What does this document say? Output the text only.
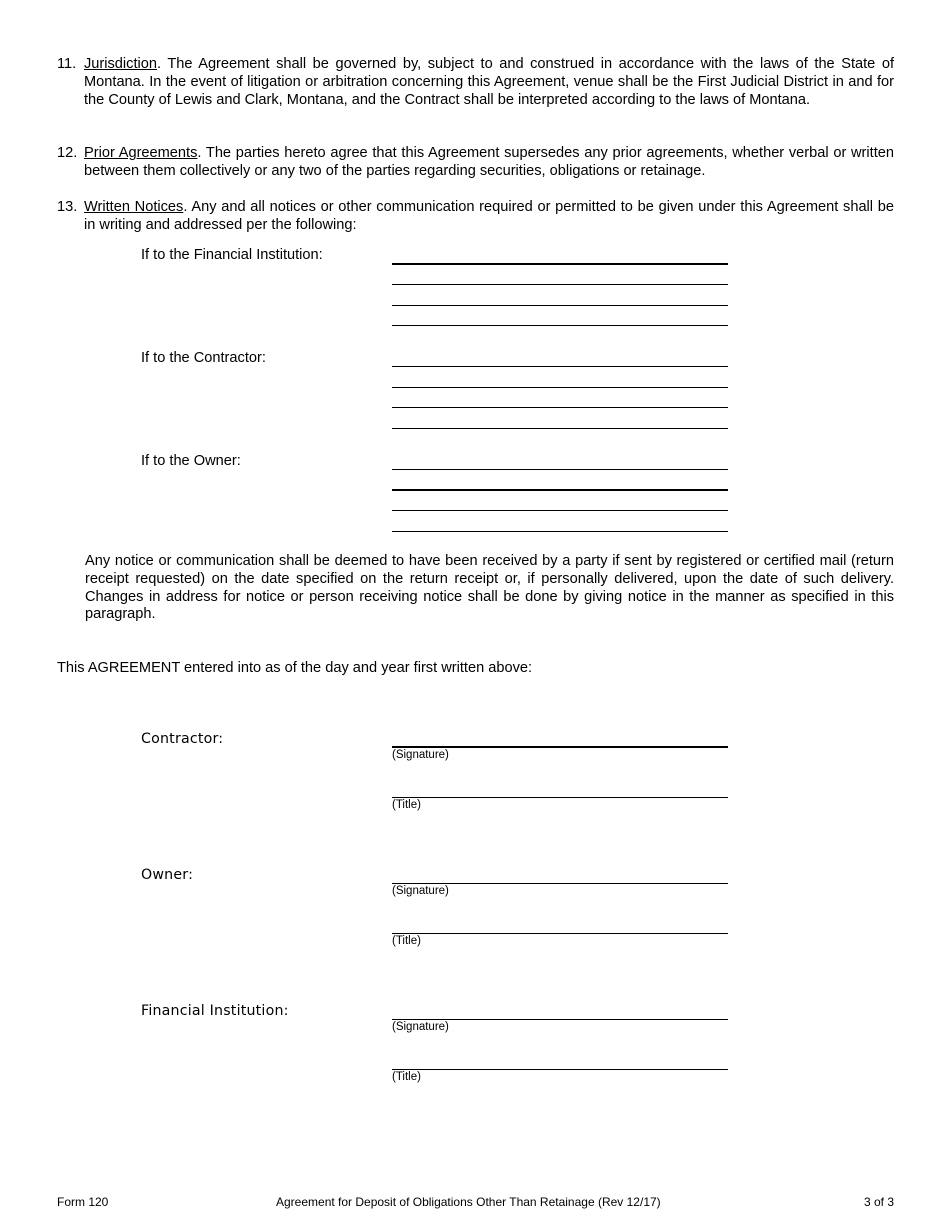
11. Jurisdiction. The Agreement shall be governed by, subject to and construed in accordance with the laws of the State of Montana. In the event of litigation or arbitration concerning this Agreement, venue shall be the First Judicial District in and for the County of Lewis and Clark, Montana, and the Contract shall be interpreted according to the laws of Montana.
12. Prior Agreements. The parties hereto agree that this Agreement supersedes any prior agreements, whether verbal or written between them collectively or any two of the parties regarding securities, obligations or retainage.
13. Written Notices. Any and all notices or other communication required or permitted to be given under this Agreement shall be in writing and addressed per the following:
If to the Financial Institution:
If to the Contractor:
If to the Owner:
Any notice or communication shall be deemed to have been received by a party if sent by registered or certified mail (return receipt requested) on the date specified on the return receipt or, if personally delivered, upon the date of such delivery. Changes in address for notice or person receiving notice shall be done by giving notice in the manner as specified in this paragraph.
This AGREEMENT entered into as of the day and year first written above:
Contractor:
(Signature)
(Title)
Owner:
(Signature)
(Title)
Financial Institution:
(Signature)
(Title)
Form 120	Agreement for Deposit of Obligations Other Than Retainage (Rev 12/17)	3 of 3
